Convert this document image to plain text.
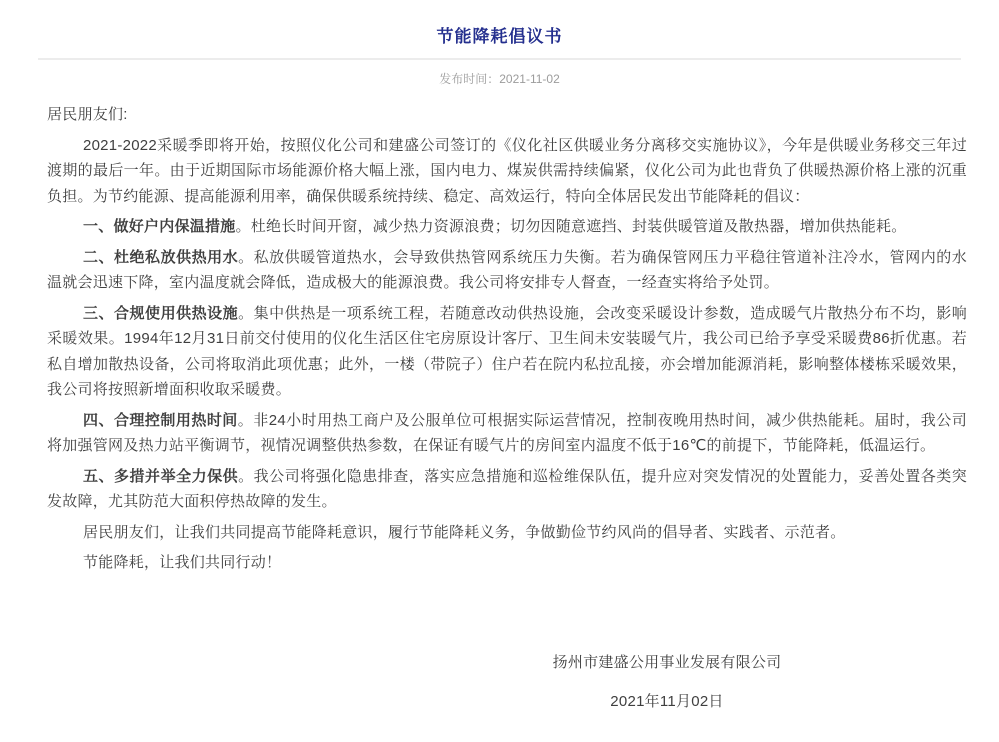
节能降耗倡议书
发布时间：2021-11-02

居民朋友们:

2021-2022采暖季即将开始，按照仪化公司和建盛公司签订的《仪化社区供暖业务分离移交实施协议》，今年是供暖业务移交三年过渡期的最后一年。由于近期国际市场能源价格大幅上涨，国内电力、煤炭供需持续偏紧，仪化公司为此也背负了供暖热源价格上涨的沉重负担。为节约能源、提高能源利用率，确保供暖系统持续、稳定、高效运行，特向全体居民发出节能降耗的倡议：

一、做好户内保温措施。杜绝长时间开窗，减少热力资源浪费；切勿因随意遮挡、封装供暖管道及散热器，增加供热能耗。

二、杜绝私放供热用水。私放供暖管道热水，会导致供热管网系统压力失衡。若为确保管网压力平稳往管道补注冷水，管网内的水温就会迅速下降，室内温度就会降低，造成极大的能源浪费。我公司将安排专人督查，一经查实将给予处罚。

三、合规使用供热设施。集中供热是一项系统工程，若随意改动供热设施，会改变采暖设计参数，造成暖气片散热分布不均，影响采暖效果。1994年12月31日前交付使用的仪化生活区住宅房原设计客厅、卫生间未安装暖气片，我公司已给予享受采暖费86折优惠。若私自增加散热设备，公司将取消此项优惠；此外，一楼（带院子）住户若在院内私拉乱接，亦会增加能源消耗，影响整体楼栋采暖效果，我公司将按照新增面积收取采暖费。

四、合理控制用热时间。非24小时用热工商户及公服单位可根据实际运营情况，控制夜晚用热时间，减少供热能耗。届时，我公司将加强管网及热力站平衡调节，视情况调整供热参数，在保证有暖气片的房间室内温度不低于16℃的前提下，节能降耗，低温运行。

五、多措并举全力保供。我公司将强化隐患排查，落实应急措施和巡检维保队伍，提升应对突发情况的处置能力，妥善处置各类突发故障，尤其防范大面积停热故障的发生。

居民朋友们，让我们共同提高节能降耗意识，履行节能降耗义务，争做勤俭节约风尚的倡导者、实践者、示范者。

节能降耗，让我们共同行动！

扬州市建盛公用事业发展有限公司

2021年11月02日
